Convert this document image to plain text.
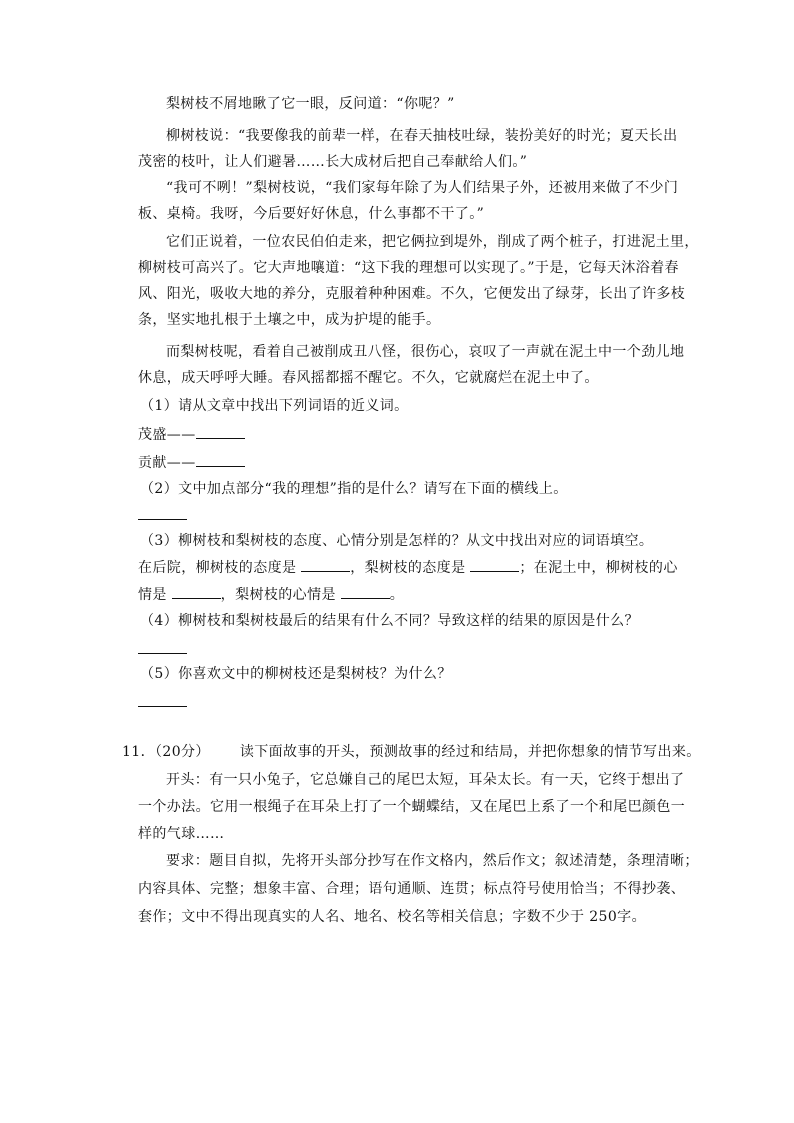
梨树枝不屑地瞅了它一眼，反问道：“你呢？”
柳树枝说：“我要像我的前辈一样，在春天抽枝吐绿，装扮美好的时光；夏天长出
茂密的枝叶，让人们避暑……长大成材后把自己奉献给人们。”
“我可不咧！”梨树枝说，“我们家每年除了为人们结果子外，还被用来做了不少门
板、桌椅。我呀，今后要好好休息，什么事都不干了。”
它们正说着，一位农民伯伯走来，把它俩拉到堤外，削成了两个桩子，打进泥土里，
柳树枝可高兴了。它大声地嚷道：“这下我的理想可以实现了。”于是，它每天沐浴着春
风、阳光，吸收大地的养分，克服着种种困难。不久，它便发出了绿芽，长出了许多枝
条，坚实地扎根于土壤之中，成为护堤的能手。
而梨树枝呢，看着自己被削成丑八怪，很伤心，哀叹了一声就在泥土中一个劲儿地
休息，成天呼呼大睡。春风摇都摇不醒它。不久，它就腐烂在泥土中了。
（1）请从文章中找出下列词语的近义词。
茂盛——
贡献——
（2）文中加点部分“我的理想”指的是什么？请写在下面的横线上。
（3）柳树枝和梨树枝的态度、心情分别是怎样的？从文中找出对应的词语填空。
在后院，柳树枝的态度是	，梨树枝的态度是	；在泥土中，柳树枝的心
情是	，梨树枝的心情是	。
（4）柳树枝和梨树枝最后的结果有什么不同？导致这样的结果的原因是什么？
（5）你喜欢文中的柳树枝还是梨树枝？为什么？
11．（20分） 读下面故事的开头，预测故事的经过和结局，并把你想象的情节写出来。
开头：有一只小兔子，它总嫌自己的尾巴太短，耳朵太长。有一天，它终于想出了
一个办法。它用一根绳子在耳朵上打了一个蝴蝶结，又在尾巴上系了一个和尾巴颜色一
样的气球……
要求：题目自拟，先将开头部分抄写在作文格内，然后作文；叙述清楚，条理清晰；
内容具体、完整；想象丰富、合理；语句通顺、连贯；标点符号使用恰当；不得抄袭、
套作；文中不得出现真实的人名、地名、校名等相关信息；字数不少于 250字。
